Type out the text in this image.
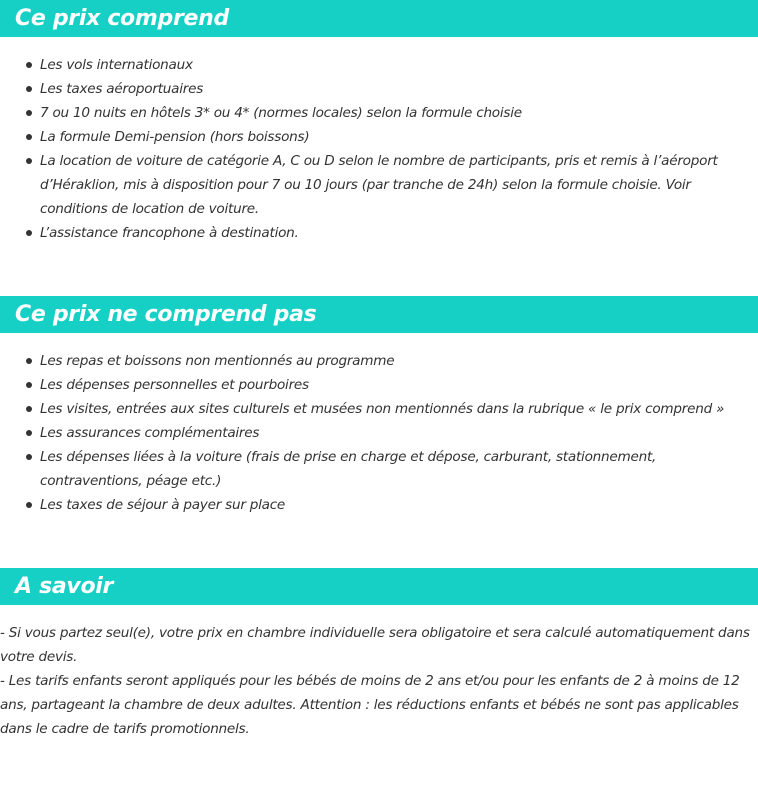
Ce prix comprend
Les vols internationaux
Les taxes aéroportuaires
7 ou 10 nuits en hôtels 3* ou 4* (normes locales) selon la formule choisie
La formule Demi-pension (hors boissons)
La location de voiture de catégorie A, C ou D selon le nombre de participants, pris et remis à l’aéroport d’Héraklion, mis à disposition pour 7 ou 10 jours (par tranche de 24h) selon la formule choisie. Voir conditions de location de voiture.
L’assistance francophone à destination.
Ce prix ne comprend pas
Les repas et boissons non mentionnés au programme
Les dépenses personnelles et pourboires
Les visites, entrées aux sites culturels et musées non mentionnés dans la rubrique « le prix comprend »
Les assurances complémentaires
Les dépenses liées à la voiture (frais de prise en charge et dépose, carburant, stationnement, contraventions, péage etc.)
Les taxes de séjour à payer sur place
A savoir

- Si vous partez seul(e), votre prix en chambre individuelle sera obligatoire et sera calculé automatiquement dans votre devis.

- Les tarifs enfants seront appliqués pour les bébés de moins de 2 ans et/ou pour les enfants de 2 à moins de 12 ans, partageant la chambre de deux adultes. Attention : les réductions enfants et bébés ne sont pas applicables dans le cadre de tarifs promotionnels.
